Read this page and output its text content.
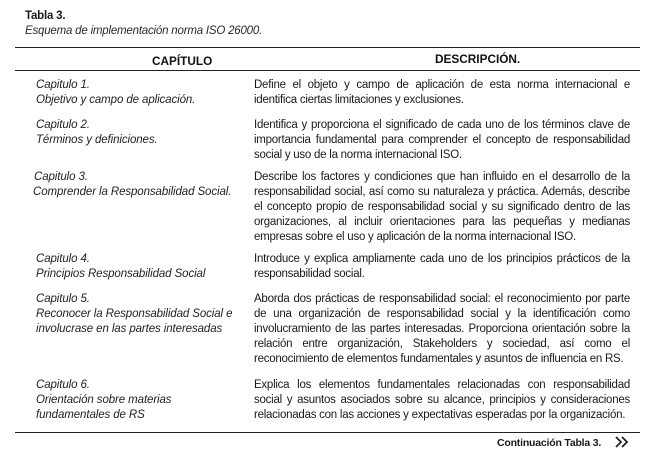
Tabla 3.
Esquema de implementación norma ISO 26000.
CAPÍTULO	DESCRIPCIÓN.
Capitulo 1.
Objetivo y campo de aplicación.
Define el objeto y campo de aplicación de esta norma internacional e identifica ciertas limitaciones y exclusiones.
Capitulo 2.
Términos y definiciones.
Identifica y proporciona el significado de cada uno de los términos clave de importancia fundamental para comprender el concepto de responsabilidad social y uso de la norma internacional ISO.
Capitulo 3.
Comprender la Responsabilidad Social.
Describe los factores y condiciones que han influido en el desarrollo de la responsabilidad social, así como su naturaleza y práctica. Además, describe el concepto propio de responsabilidad social y su significado dentro de las organizaciones, al incluir orientaciones para las pequeñas y medianas empresas sobre el uso y aplicación de la norma internacional ISO.
Capitulo 4.
Principios Responsabilidad Social
Introduce y explica ampliamente cada uno de los principios prácticos de la responsabilidad social.
Capitulo 5.
Reconocer la Responsabilidad Social e involucrase en las partes interesadas
Aborda dos prácticas de responsabilidad social: el reconocimiento por parte de una organización de responsabilidad social y la identificación como involucramiento de las partes interesadas. Proporciona orientación sobre la relación entre organización, Stakeholders y sociedad, así como el reconocimiento de elementos fundamentales y asuntos de influencia en RS.
Capitulo 6.
Orientación sobre materias fundamentales de RS
Explica los elementos fundamentales relacionadas con responsabilidad social y asuntos asociados sobre su alcance, principios y consideraciones relacionadas con las acciones y expectativas esperadas por la organización.
Continuación Tabla 3.
